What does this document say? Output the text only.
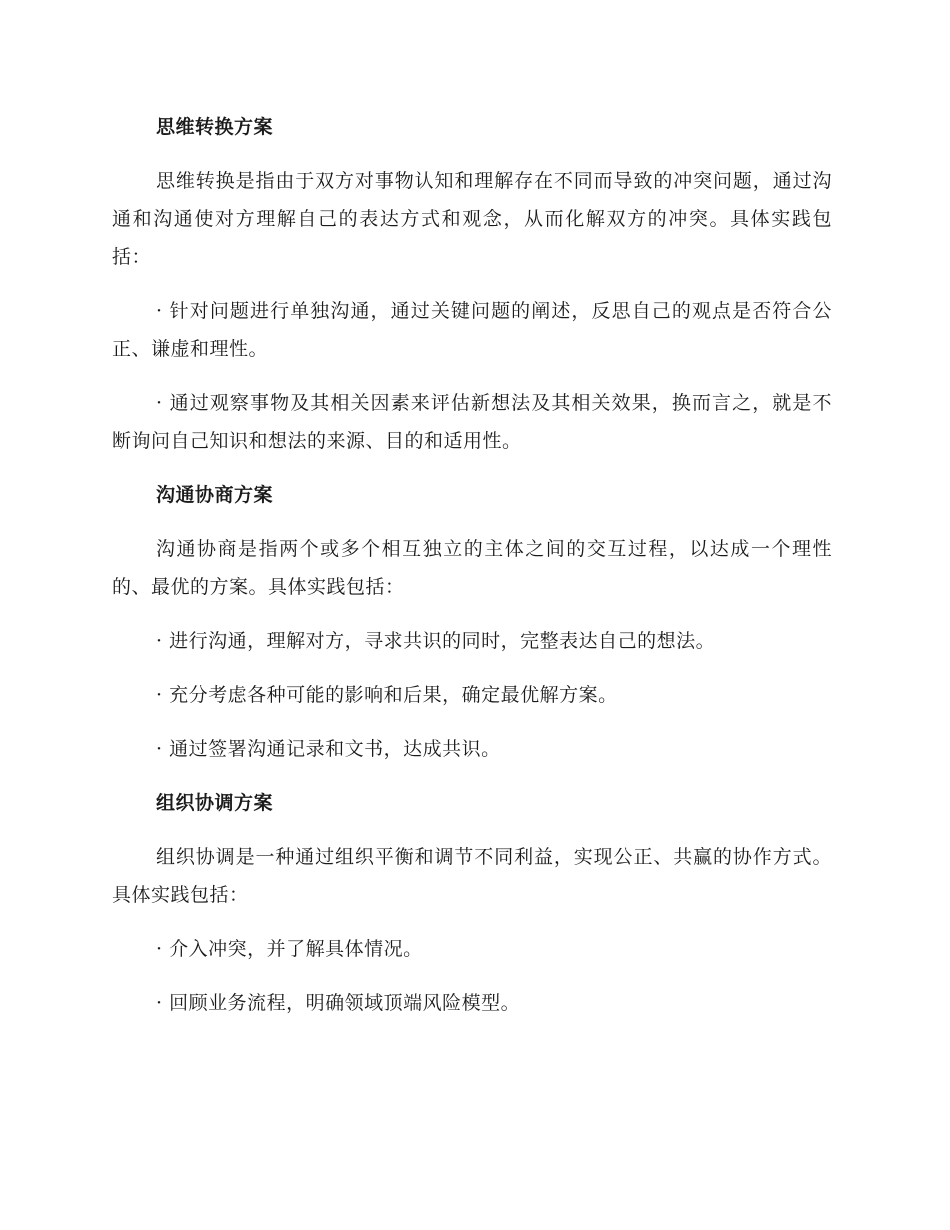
思维转换方案

思维转换是指由于双方对事物认知和理解存在不同而导致的冲突问题，通过沟通和沟通使对方理解自己的表达方式和观念，从而化解双方的冲突。具体实践包括：

· 针对问题进行单独沟通，通过关键问题的阐述，反思自己的观点是否符合公正、谦虚和理性。

· 通过观察事物及其相关因素来评估新想法及其相关效果，换而言之，就是不断询问自己知识和想法的来源、目的和适用性。

沟通协商方案

沟通协商是指两个或多个相互独立的主体之间的交互过程，以达成一个理性的、最优的方案。具体实践包括：

· 进行沟通，理解对方，寻求共识的同时，完整表达自己的想法。

· 充分考虑各种可能的影响和后果，确定最优解方案。

· 通过签署沟通记录和文书，达成共识。

组织协调方案

组织协调是一种通过组织平衡和调节不同利益，实现公正、共赢的协作方式。具体实践包括：

· 介入冲突，并了解具体情况。

· 回顾业务流程，明确领域顶端风险模型。
